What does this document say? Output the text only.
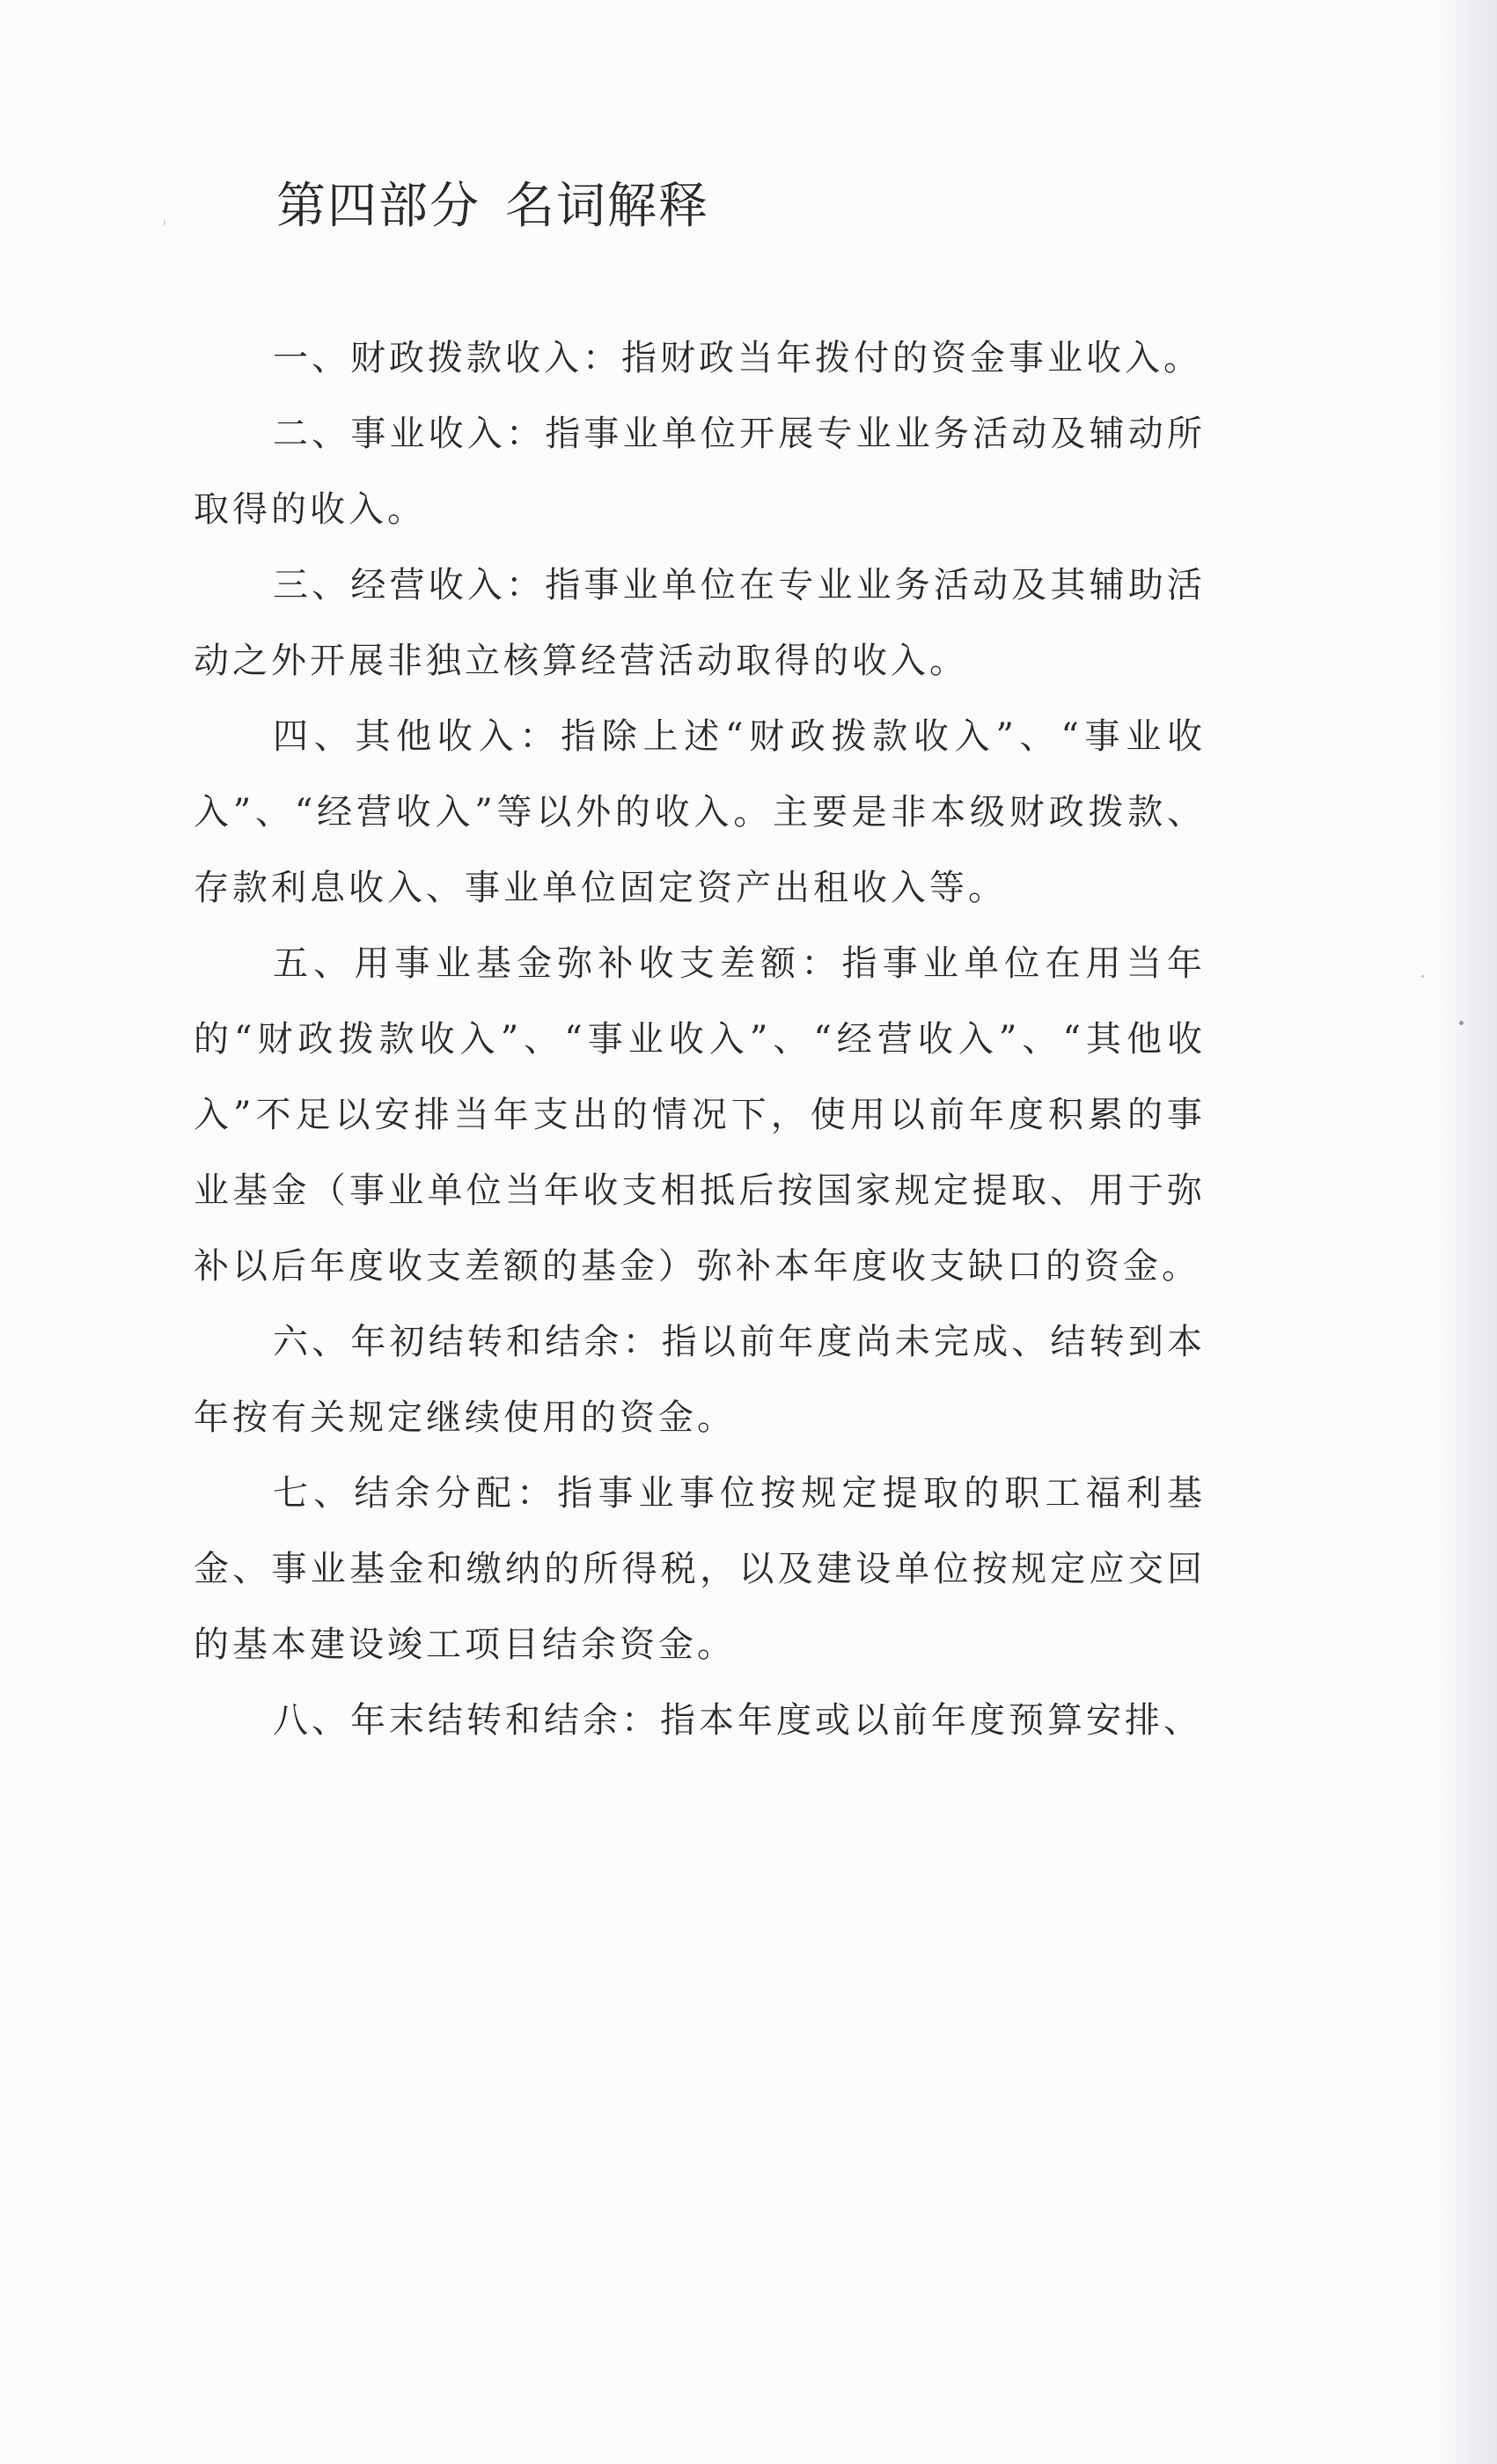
第四部分 名词解释

一、财政拨款收入：指财政当年拨付的资金事业收入。

二、事业收入：指事业单位开展专业业务活动及辅动所取得的收入。

三、经营收入：指事业单位在专业业务活动及其辅助活动之外开展非独立核算经营活动取得的收入。

四、其他收入：指除上述“财政拨款收入”、“事业收入”、“经营收入”等以外的收入。主要是非本级财政拨款、存款利息收入、事业单位固定资产出租收入等。

五、用事业基金弥补收支差额：指事业单位在用当年的“财政拨款收入”、“事业收入”、“经营收入”、“其他收入”不足以安排当年支出的情况下，使用以前年度积累的事业基金（事业单位当年收支相抵后按国家规定提取、用于弥补以后年度收支差额的基金）弥补本年度收支缺口的资金。

六、年初结转和结余：指以前年度尚未完成、结转到本年按有关规定继续使用的资金。

七、结余分配：指事业事位按规定提取的职工福利基金、事业基金和缴纳的所得税，以及建设单位按规定应交回的基本建设竣工项目结余资金。

八、年末结转和结余：指本年度或以前年度预算安排、
